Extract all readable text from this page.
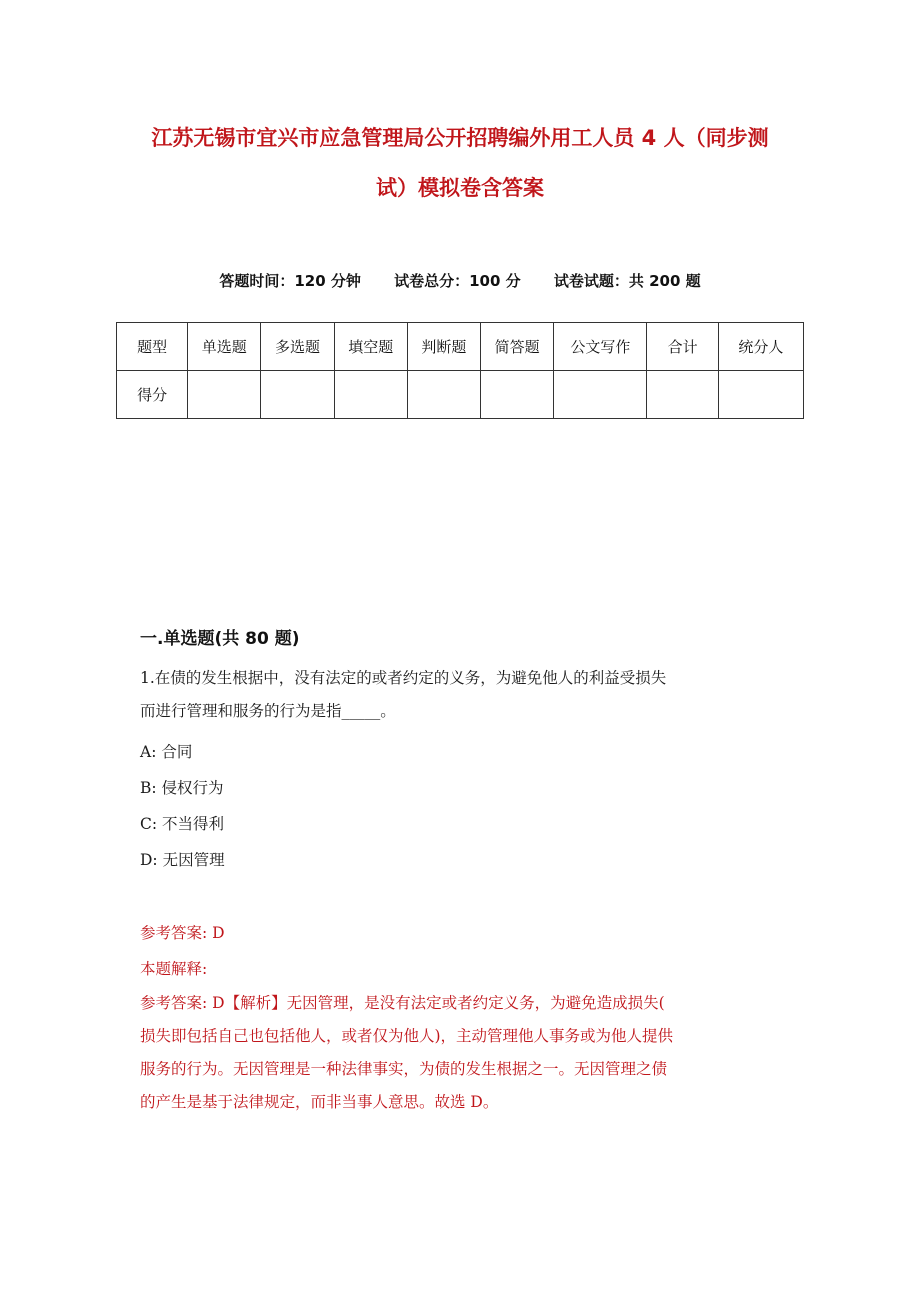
江苏无锡市宜兴市应急管理局公开招聘编外用工人员 4 人（同步测
试）模拟卷含答案
答题时间：120 分钟 试卷总分：100 分 试卷试题：共 200 题
题型	单选题	多选题	填空题	判断题	简答题	公文写作	合计	统分人
得分								
一.单选题(共 80 题)
1.在债的发生根据中，没有法定的或者约定的义务，为避免他人的利益受损失
而进行管理和服务的行为是指_____。
A: 合同
B: 侵权行为
C: 不当得利
D: 无因管理
参考答案: D
本题解释:
参考答案: D【解析】无因管理，是没有法定或者约定义务，为避免造成损失(
损失即包括自己也包括他人，或者仅为他人)，主动管理他人事务或为他人提供
服务的行为。无因管理是一种法律事实，为债的发生根据之一。无因管理之债
的产生是基于法律规定，而非当事人意思。故选 D。
